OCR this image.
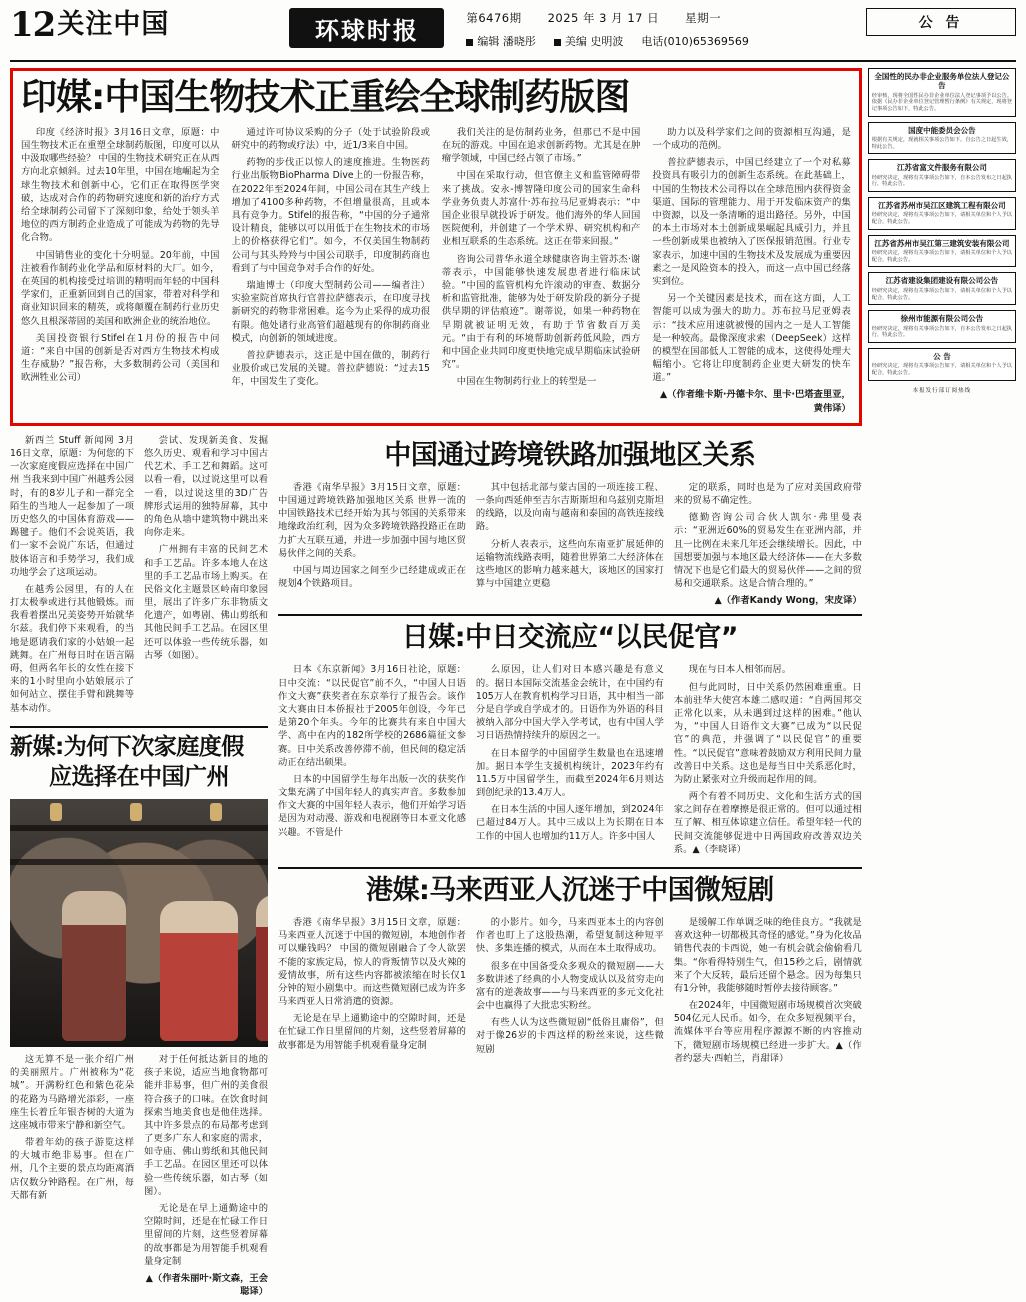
12 关注中国	环球时报	第6476期 2025 年 3 月 17 日 星期一
编辑 潘晓彤	美编 史明波 电话(010)65369569
公 告
印媒:中国生物技术正重绘全球制药版图

印度《经济时报》3月16日文章，原题：中国生物技术正在重塑全球制药版图，印度可以从中汲取哪些经验？ 中国的生物技术研究正在从西方向北京倾斜。过去10年里，中国在地崛起为全球生物技术和创新中心，它们正在取得医学突破，达成对合作的药物研究速度和新的治疗方式给全球制药公司留下了深刻印象，给处于领头羊地位的西方制药企业造成了可能成为药物的先导化合物。

中国销售业的变化十分明显。20年前，中国注被看作制药业化学品和原材料的大厂。如今，在英国的机构接受过培训的精明而年轻的中国科学家们，正重新回到自己的国家，带着对科学和商业知识回来的精英，或将颠覆在制药行业历史悠久且根深蒂固的美国和欧洲企业的统治地位。

美国投资银行Stifel在1月份的报告中问道：“来自中国的创新是否对西方生物技术构成生存威胁？”报告称，大多数制药公司（美国和欧洲牲业公司）

通过许可协议采购的分子（处于试验阶段或研究中的药物或疗法）中，近1/3来自中国。

药物的步伐正以惊人的速度推进。生物医药行业出版物BioPharma Dive上的一份报告称，在2022年至2024年间，中国公司在其生产线上增加了4100多种药物，不但增量很高，且或本具有竞争力。Stifel的报告称，“中国的分子通常设计精良，能够以可以用低于在生物技术的市场上的价格获得它们”。如今，不仅美国生物制药公司与其头羚羚与中国公司联手，印度制药商也看到了与中国竞争对手合作的好处。

瑞迪博士（印度大型制药公司——编者注）实验室院首席执行官普拉萨德表示，在印度寻找新研究的药物非常困难。迄今为止采得的成功很有限。他处诸行业高管们超越现有的你制药商业模式，向创新的领域进度。

普拉萨德表示，这正是中国在做的，制药行业股价或已发展的关键。普拉萨德说：“过去15年，中国发生了变化。

我们关注的是仿制药业务，但那已不是中国在玩的游戏。中国在追求创新药物。尤其是在肿瘤学领域，中国已经占领了市场。”

中国在采取行动，但官僚主义和监管障碍带来了挑战。安永-博智隆印度公司的国家生命科学业务负责人苏富什·苏布拉马尼亚姆表示：“中国企业很早就投诉于研发。他们海外的华人回国医院便利，并创建了一个学术界、研究机构和产业相互联系的生态系统。这正在带来回报。”

咨询公司普华永道全球健康咨询主管苏杰·谢蒂表示，中国能够快速发展患者进行临床试验。“中国的监管机构允许滚动的审查、数据分析和监管批准，能够为处于研发阶段的新分子提供早期的评估痕迹”。谢蒂说，如果一种药物在早期就被证明无效，有助于节省数百万美元。“由于有利的环境帮助创新药低风险，西方和中国企业共同印度更快地完成早期临床试验研究”。

中国在生物制药行业上的转型是一

助力以及科学家们之间的资源相互沟通，是一个成功的范例。

普拉萨德表示，中国已经建立了一个对私募投资具有吸引力的创新生态系统。在此基础上，中国的生物技术公司得以在全球范围内获得资金渠道、国际的管理能力、用于开发临床资产的集中资源，以及一条清晰的退出路径。另外，中国的本土市场对本土创新成果崛起具威引力，并且一些创新成果也被纳入了医保报销范围。行业专家表示，加速中国的生物技术及发展成为重要因素之一是风险资本的投入，而这一点中国已经落实到位。

另一个关键因素是技术，而在这方面，人工智能可以成为强大的助力。苏布拉马尼亚姆表示：“技术应用速就被慢的国内之一是人工智能是一种较高。最像深度求索（DeepSeek）这样的模型在国部低人工智能的成本，这使得处理大幅缩小。它将让印度制药企业更大研发的快车道。”

▲（作者维卡斯·丹德卡尔、里卡·巴塔查里亚，黄伟译）

新西兰 Stuff 新闻网 3月16日文章，原题：为何您的下一次家庭度假应选择在中国广州 当我来到中国广州越秀公园时，有的8岁儿子和一群完全陌生的当地人一起参加了一项历史悠久的中国体育游戏——踢毽子。他们不会说英语，我们一家不会说广东话，但通过肢体语言和手势学习，我们成功地学会了这项运动。

在越秀公园里，有的人在打太极拳或进行其他锻炼。而我看着摆出兄美姿势开始就华尔兹。我们停下来观看，的当地是愿请我们家的小姑娘一起跳舞。在广州每日时在语言隔碍，但两名年长的女性在接下来的1小时里向小姑娘展示了如何站立、摆住手臂和跳舞等基本动作。

尝试、发现新美食、发掘悠久历史、观看和学习中国古代艺术、手工艺和舞蹈。这可以看一看，以过说这里可以看一看，以过说这里的3D广告牌形式运用的独特屏幕，其中的角色从墙中建筑物中跳出来向你走来。

广州拥有丰富的民间艺术和手工艺品。许多本地人在这里的手工艺品市场上购买。在民俗文化主题景区岭南印象园里，展出了许多广东非物质文化遗产，如粤剧、佛山剪纸和其他民间手工艺品。在园区里还可以体验一些传统乐器，如古琴（如图）。

新媒:为何下次家庭度假
应选择在中国广州

这无算不是一张介绍广州的美丽照片。广州被称为“花城”。开满粉红色和紫色花朵的花路为马路增光添彩，一座座生长着丘年银杏树的大道为这座城市带来宁静和新空气。

带着年幼的孩子游览这样的大城市绝非易事。但在广州，几个主要的景点均距离酒店仅数分钟路程。在广州，每天都有新

对于任何抵达新目的地的孩子来说，适应当地食物都可能并非易事，但广州的美食很符合孩子的口味。在饮食时间探索当地美食也是他佳选择。其中许多景点的布局都考虑到了更多广东人和家庭的需求，如寺庙、佛山剪纸和其他民间手工艺品。在园区里还可以体验一些传统乐器，如古琴（如图）。

无论是在早上通勤途中的空隙时间，还是在忙碌工作日里留间的片刻，这些竖着屏幕的故事都是为用智能手机观看量身定制

▲（作者朱丽叶·斯文森，王会聪译）
中国通过跨境铁路加强地区关系

香港《南华早报》3月15日文章，原题：中国通过跨境铁路加强地区关系 世界一流的中国铁路技术已经开始为其与邻国的关系带来地缘政治红利，因为众多跨境铁路投路正在助力扩大互联互通，并进一步加强中国与地区贸易伙伴之间的关系。

中国与周边国家之间至少已经建成或正在规划4个铁路项目。

其中包括北部与蒙古国的一项连接工程、一条向西延伸至吉尔吉斯斯坦和乌兹别克斯坦的线路，以及向南与越南和泰国的高铁连接线路。

分析人表表示，这些向东南亚扩展延伸的运输物流线路表明，随着世界第二大经济体在这些地区的影响力越来越大，该地区的国家打算与中国建立更稳

定的联系，同时也是为了应对美国政府带来的贸易不确定性。

德勤咨询公司合伙人凯尔·弗里曼表示：“亚洲近60%的贸易发生在亚洲内部，并且一比例在未来几年还会继续增长。因此，中国想要加强与本地区最大经济体——在大多数情况下也是它们最大的贸易伙伴——之间的贸易和交通联系。这是合情合理的。”

▲（作者Kandy Wong，宋皮译）
日媒:中日交流应“以民促官”

日本《东京新闻》3月16日社论，原题：日中交流：“以民促官”前不久，“中国人日语作文大赛”获奖者在东京举行了报告会。该作文大赛由日本侨报社于2005年创设，今年已是第20个年头。今年的比赛共有来自中国大学、高中在内的182所学校的2686篇征文参赛。日中关系改善停滞不前，但民间的稳定活动正在结出硕果。

日本的中国留学生每年出版一次的获奖作文集充满了中国年轻人的真实声音。多数参加作文大赛的中国年轻人表示，他们开始学习语是因为对动漫、游戏和电视剧等日本亚文化感兴趣。不管是什

么原因，让人们对日本感兴趣是有意义的。据日本国际交流基金会统计，在中国约有105万人在教育机构学习日语，其中相当一部分是自学或自学成才的。日语作为外语的科目被纳入部分中国大学入学考试，也有中国人学习日语热情持续升的原因之一。

在日本留学的中国留学生数量也在迅速增加。据日本学生支援机构统计，2023年约有11.5万中国留学生，而截至2024年6月则达到创纪录的13.4万人。

在日本生活的中国人逐年增加，到2024年已超过84万人。其中三成以上为长期在日本工作的中国人也增加约11万人。许多中国人

现在与日本人相邻而居。

但与此同时，日中关系仍然困难重重。日本前驻华大使宫本雄二感叹道：“自两国邦交正常化以来，从未遇到过这样的困难。”他认为，“中国人日语作文大赛”已成为“以民促官”的典范，并强调了“以民促官”的重要性。“以民促官”意味着鼓励双方利用民间力量改善日中关系。这也是每当日中关系恶化时，为防止紧张对立升级而起作用的间。

两个有着不同历史、文化和生活方式的国家之间存在着摩擦是很正常的。但可以通过相互了解、相互体谅建立信任。希望年轻一代的民间交流能够促进中日两国政府改善双边关系。▲（李晓译）

港媒:马来西亚人沉迷于中国微短剧

香港《南华早报》3月15日文章，原题：马来西亚人沉迷于中国的微短剧，本地创作者可以赚钱吗？ 中国的微短剧融合了令人欲罢不能的家族定局，惊人的背叛情节以及火辣的爱情故事，所有这些内容都被浓缩在时长仅1分钟的短小剧集中。而这些微短剧已成为许多马来西亚人日常消遣的资源。

无论是在早上通勤途中的空隙时间，还是在忙碌工作日里留间的片刻，这些竖着屏幕的故事都是为用智能手机观看量身定制

的小影片。如今，马来西亚本土的内容创作者也盯上了这股热潮，希望复制这种短平快、多集连播的模式，从而在本土取得成功。

很多在中国备受众多观众的微短剧——大多数讲述了经典的小人物变成认以及贫穷走向富有的逆袭故事——与马来西亚的多元文化社会中也赢得了大批忠实粉丝。

有些人认为这些微短剧“低俗且庸俗”，但对于像26岁的卡西这样的粉丝来说，这些微短剧

是缓解工作单调乏味的绝佳良方。“我就是喜欢这种一切都极其奇怪的感觉。”身为化妆品销售代表的卡西说，她一有机会就会偷偷看几集。“你看得特别生气，但15秒之后，剧情就来了个大反转，最后还留个悬念。因为每集只有1分钟，我能够随时暂停去接待顾客。”

在2024年，中国微短剧市场规模首次突破504亿元人民币。如今，在众多短视频平台，流媒体平台等应用程序源源不断的内容推动下，微短剧市场规模已经进一步扩大。▲（作者约瑟夫·西帕兰，肖甜译）

全国性的民办非企业服务单位法人登记公告
经审核，现将全国性民办非企业单位法人登记事项予以公告。依据《民办非企业单位登记管理暂行条例》有关规定，现将登记事项公告如下，特此公告。
国度中能委员会公告
根据有关规定，现就相关事项公告如下。自公告之日起生效，特此公告。
江苏省富文件服务有限公司
经研究决定，现将有关事项公告如下，自本公告发布之日起执行，特此公告。
江苏省苏州市吴江区建筑工程有限公司
经研究决定，现将有关事项公告如下，请相关单位和个人予以配合，特此公告。
江苏省苏州市吴江第三建筑安装有限公司
经研究决定，现将有关事项公告如下，请相关单位和个人予以配合，特此公告。
江苏省建设集团建设有限公司公告
经研究决定，现将有关事项公告如下，请相关单位和个人予以配合，特此公告。
徐州市能源有限公司公告
经研究决定，现将有关事项公告如下，自本公告发布之日起执行，特此公告。
公 告
经研究决定，现将有关事项公告如下，请相关单位和个人予以配合，特此公告。
本报发行部订阅热线
